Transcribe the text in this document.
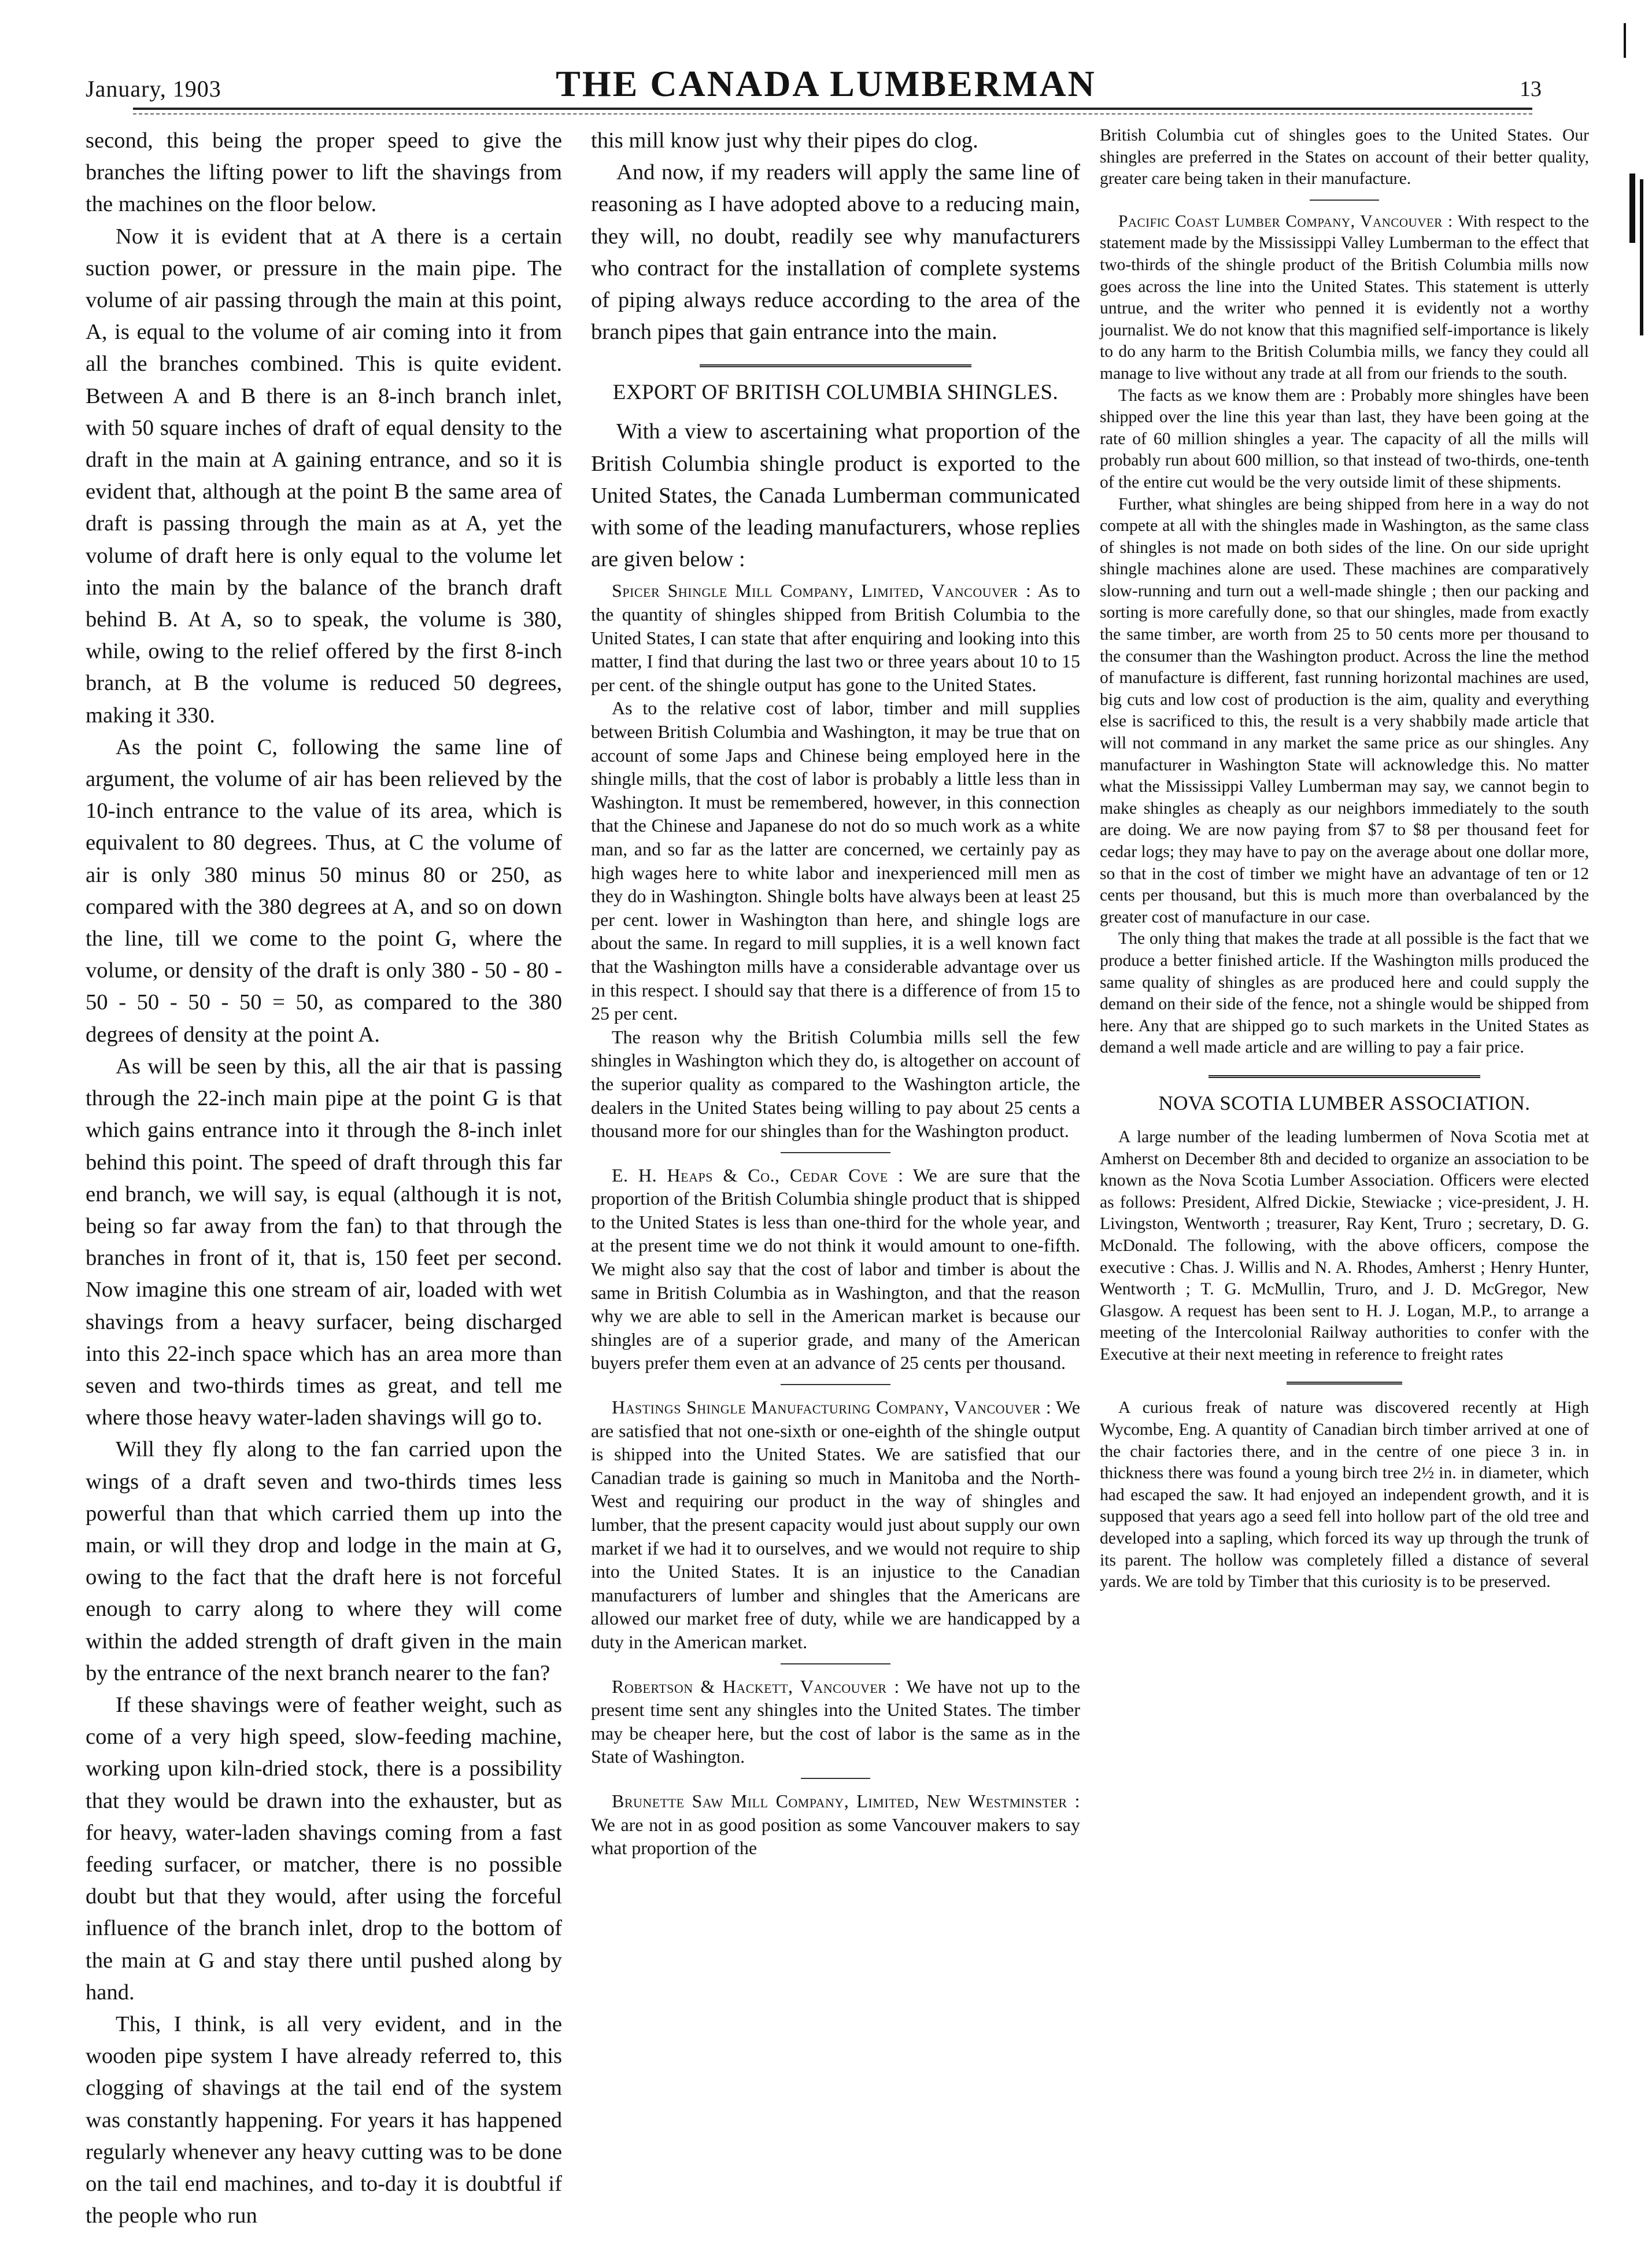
January, 1903	THE CANADA LUMBERMAN	13

second, this being the proper speed to give the branches the lifting power to lift the shavings from the machines on the floor below.

Now it is evident that at A there is a certain suction power, or pressure in the main pipe. The volume of air passing through the main at this point, A, is equal to the volume of air coming into it from all the branches combined. This is quite evident. Between A and B there is an 8-inch branch inlet, with 50 square inches of draft of equal density to the draft in the main at A gaining entrance, and so it is evident that, although at the point B the same area of draft is passing through the main as at A, yet the volume of draft here is only equal to the volume let into the main by the balance of the branch draft behind B. At A, so to speak, the volume is 380, while, owing to the relief offered by the first 8-inch branch, at B the volume is reduced 50 degrees, making it 330.

As the point C, following the same line of argument, the volume of air has been relieved by the 10-inch entrance to the value of its area, which is equivalent to 80 degrees. Thus, at C the volume of air is only 380 minus 50 minus 80 or 250, as compared with the 380 degrees at A, and so on down the line, till we come to the point G, where the volume, or density of the draft is only 380 - 50 - 80 - 50 - 50 - 50 - 50 = 50, as compared to the 380 degrees of density at the point A.

As will be seen by this, all the air that is passing through the 22-inch main pipe at the point G is that which gains entrance into it through the 8-inch inlet behind this point. The speed of draft through this far end branch, we will say, is equal (although it is not, being so far away from the fan) to that through the branches in front of it, that is, 150 feet per second. Now imagine this one stream of air, loaded with wet shavings from a heavy surfacer, being discharged into this 22-inch space which has an area more than seven and two-thirds times as great, and tell me where those heavy water-laden shavings will go to.

Will they fly along to the fan carried upon the wings of a draft seven and two-thirds times less powerful than that which carried them up into the main, or will they drop and lodge in the main at G, owing to the fact that the draft here is not forceful enough to carry along to where they will come within the added strength of draft given in the main by the entrance of the next branch nearer to the fan?

If these shavings were of feather weight, such as come of a very high speed, slow-feeding machine, working upon kiln-dried stock, there is a possibility that they would be drawn into the exhauster, but as for heavy, water-laden shavings coming from a fast feeding surfacer, or matcher, there is no possible doubt but that they would, after using the forceful influence of the branch inlet, drop to the bottom of the main at G and stay there until pushed along by hand.

This, I think, is all very evident, and in the wooden pipe system I have already referred to, this clogging of shavings at the tail end of the system was constantly happening. For years it has happened regularly whenever any heavy cutting was to be done on the tail end machines, and to-day it is doubtful if the people who run

this mill know just why their pipes do clog.

And now, if my readers will apply the same line of reasoning as I have adopted above to a reducing main, they will, no doubt, readily see why manufacturers who contract for the installation of complete systems of piping always reduce according to the area of the branch pipes that gain entrance into the main.

EXPORT OF BRITISH COLUMBIA SHINGLES.

With a view to ascertaining what proportion of the British Columbia shingle product is exported to the United States, the Canada Lumberman communicated with some of the leading manufacturers, whose replies are given below :

Spicer Shingle Mill Company, Limited, Vancouver : As to the quantity of shingles shipped from British Columbia to the United States, I can state that after enquiring and looking into this matter, I find that during the last two or three years about 10 to 15 per cent. of the shingle output has gone to the United States.

As to the relative cost of labor, timber and mill supplies between British Columbia and Washington, it may be true that on account of some Japs and Chinese being employed here in the shingle mills, that the cost of labor is probably a little less than in Washington. It must be remembered, however, in this connection that the Chinese and Japanese do not do so much work as a white man, and so far as the latter are concerned, we certainly pay as high wages here to white labor and inexperienced mill men as they do in Washington. Shingle bolts have always been at least 25 per cent. lower in Washington than here, and shingle logs are about the same. In regard to mill supplies, it is a well known fact that the Washington mills have a considerable advantage over us in this respect. I should say that there is a difference of from 15 to 25 per cent.

The reason why the British Columbia mills sell the few shingles in Washington which they do, is altogether on account of the superior quality as compared to the Washington article, the dealers in the United States being willing to pay about 25 cents a thousand more for our shingles than for the Washington product.

E. H. Heaps & Co., Cedar Cove : We are sure that the proportion of the British Columbia shingle product that is shipped to the United States is less than one-third for the whole year, and at the present time we do not think it would amount to one-fifth. We might also say that the cost of labor and timber is about the same in British Columbia as in Washington, and that the reason why we are able to sell in the American market is because our shingles are of a superior grade, and many of the American buyers prefer them even at an advance of 25 cents per thousand.

Hastings Shingle Manufacturing Company, Vancouver : We are satisfied that not one-sixth or one-eighth of the shingle output is shipped into the United States. We are satisfied that our Canadian trade is gaining so much in Manitoba and the North-West and requiring our product in the way of shingles and lumber, that the present capacity would just about supply our own market if we had it to ourselves, and we would not require to ship into the United States. It is an injustice to the Canadian manufacturers of lumber and shingles that the Americans are allowed our market free of duty, while we are handicapped by a duty in the American market.

Robertson & Hackett, Vancouver : We have not up to the present time sent any shingles into the United States. The timber may be cheaper here, but the cost of labor is the same as in the State of Washington.

Brunette Saw Mill Company, Limited, New Westminster : We are not in as good position as some Vancouver makers to say what proportion of the

British Columbia cut of shingles goes to the United States. Our shingles are preferred in the States on account of their better quality, greater care being taken in their manufacture.

Pacific Coast Lumber Company, Vancouver : With respect to the statement made by the Mississippi Valley Lumberman to the effect that two-thirds of the shingle product of the British Columbia mills now goes across the line into the United States. This statement is utterly untrue, and the writer who penned it is evidently not a worthy journalist. We do not know that this magnified self-importance is likely to do any harm to the British Columbia mills, we fancy they could all manage to live without any trade at all from our friends to the south.

The facts as we know them are : Probably more shingles have been shipped over the line this year than last, they have been going at the rate of 60 million shingles a year. The capacity of all the mills will probably run about 600 million, so that instead of two-thirds, one-tenth of the entire cut would be the very outside limit of these shipments.

Further, what shingles are being shipped from here in a way do not compete at all with the shingles made in Washington, as the same class of shingles is not made on both sides of the line. On our side upright shingle machines alone are used. These machines are comparatively slow-running and turn out a well-made shingle ; then our packing and sorting is more carefully done, so that our shingles, made from exactly the same timber, are worth from 25 to 50 cents more per thousand to the consumer than the Washington product. Across the line the method of manufacture is different, fast running horizontal machines are used, big cuts and low cost of production is the aim, quality and everything else is sacrificed to this, the result is a very shabbily made article that will not command in any market the same price as our shingles. Any manufacturer in Washington State will acknowledge this. No matter what the Mississippi Valley Lumberman may say, we cannot begin to make shingles as cheaply as our neighbors immediately to the south are doing. We are now paying from $7 to $8 per thousand feet for cedar logs; they may have to pay on the average about one dollar more, so that in the cost of timber we might have an advantage of ten or 12 cents per thousand, but this is much more than overbalanced by the greater cost of manufacture in our case.

The only thing that makes the trade at all possible is the fact that we produce a better finished article. If the Washington mills produced the same quality of shingles as are produced here and could supply the demand on their side of the fence, not a shingle would be shipped from here. Any that are shipped go to such markets in the United States as demand a well made article and are willing to pay a fair price.

NOVA SCOTIA LUMBER ASSOCIATION.

A large number of the leading lumbermen of Nova Scotia met at Amherst on December 8th and decided to organize an association to be known as the Nova Scotia Lumber Association. Officers were elected as follows: President, Alfred Dickie, Stewiacke ; vice-president, J. H. Livingston, Wentworth ; treasurer, Ray Kent, Truro ; secretary, D. G. McDonald. The following, with the above officers, compose the executive : Chas. J. Willis and N. A. Rhodes, Amherst ; Henry Hunter, Wentworth ; T. G. McMullin, Truro, and J. D. McGregor, New Glasgow. A request has been sent to H. J. Logan, M.P., to arrange a meeting of the Intercolonial Railway authorities to confer with the Executive at their next meeting in reference to freight rates

A curious freak of nature was discovered recently at High Wycombe, Eng. A quantity of Canadian birch timber arrived at one of the chair factories there, and in the centre of one piece 3 in. in thickness there was found a young birch tree 2½ in. in diameter, which had escaped the saw. It had enjoyed an independent growth, and it is supposed that years ago a seed fell into hollow part of the old tree and developed into a sapling, which forced its way up through the trunk of its parent. The hollow was completely filled a distance of several yards. We are told by Timber that this curiosity is to be preserved.
